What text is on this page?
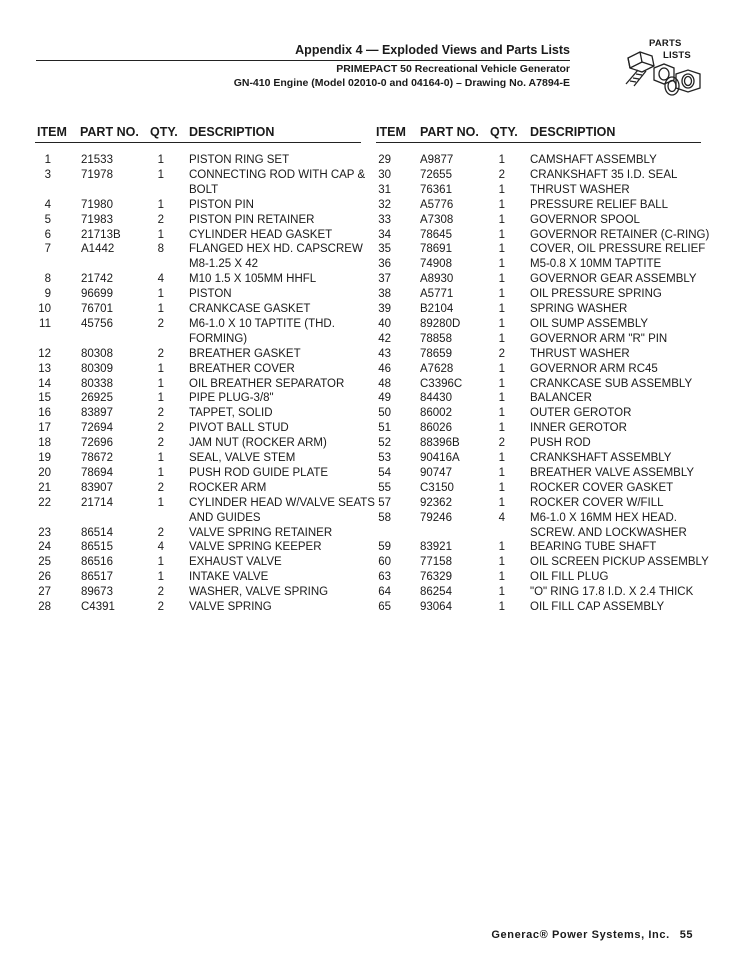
Appendix 4 — Exploded Views and Parts Lists
PRIMEPACT 50 Recreational Vehicle Generator
GN-410 Engine (Model 02010-0 and 04164-0) – Drawing No. A7894-E
PARTS
LISTS
ITEM PART NO. QTY. DESCRIPTION	ITEM PART NO. QTY. DESCRIPTION
1	21533	1 PISTON RING SET
3	71978	1 CONNECTING ROD WITH CAP &
BOLT
4	71980	1 PISTON PIN
5	71983	2 PISTON PIN RETAINER
6	21713B	1 CYLINDER HEAD GASKET
7	A1442	8 FLANGED HEX HD. CAPSCREW
M8-1.25 X 42
8	21742	4 M10 1.5 X 105MM HHFL
9	96699	1 PISTON
10	76701	1 CRANKCASE GASKET
11	45756	2 M6-1.0 X 10 TAPTITE (THD.
FORMING)
12	80308	2 BREATHER GASKET
13	80309	1 BREATHER COVER
14	80338	1 OIL BREATHER SEPARATOR
15	26925	1 PIPE PLUG-3/8"
16	83897	2 TAPPET, SOLID
17	72694	2 PIVOT BALL STUD
18	72696	2 JAM NUT (ROCKER ARM)
19	78672	1 SEAL, VALVE STEM
20	78694	1 PUSH ROD GUIDE PLATE
21	83907	2 ROCKER ARM
22	21714	1 CYLINDER HEAD W/VALVE SEATS
AND GUIDES
23	86514	2 VALVE SPRING RETAINER
24	86515	4 VALVE SPRING KEEPER
25	86516	1 EXHAUST VALVE
26	86517	1 INTAKE VALVE
27	89673	2 WASHER, VALVE SPRING
28	C4391	2 VALVE SPRING
29	A9877	1 CAMSHAFT ASSEMBLY
30	72655	2 CRANKSHAFT 35 I.D. SEAL
31	76361	1 THRUST WASHER
32	A5776	1 PRESSURE RELIEF BALL
33	A7308	1 GOVERNOR SPOOL
34	78645	1 GOVERNOR RETAINER (C-RING)
35	78691	1 COVER, OIL PRESSURE RELIEF
36	74908	1 M5-0.8 X 10MM TAPTITE
37	A8930	1 GOVERNOR GEAR ASSEMBLY
38	A5771	1 OIL PRESSURE SPRING
39	B2104	1 SPRING WASHER
40	89280D	1 OIL SUMP ASSEMBLY
42	78858	1 GOVERNOR ARM "R" PIN
43	78659	2 THRUST WASHER
46	A7628	1 GOVERNOR ARM RC45
48	C3396C	1 CRANKCASE SUB ASSEMBLY
49	84430	1 BALANCER
50	86002	1 OUTER GEROTOR
51	86026	1 INNER GEROTOR
52	88396B	2 PUSH ROD
53	90416A	1 CRANKSHAFT ASSEMBLY
54	90747	1 BREATHER VALVE ASSEMBLY
55	C3150	1 ROCKER COVER GASKET
57	92362	1 ROCKER COVER W/FILL
58	79246	4 M6-1.0 X 16MM HEX HEAD.
SCREW. AND LOCKWASHER
59	83921	1 BEARING TUBE SHAFT
60	77158	1 OIL SCREEN PICKUP ASSEMBLY
63	76329	1 OIL FILL PLUG
64	86254	1 "O" RING 17.8 I.D. X 2.4 THICK
65	93064	1 OIL FILL CAP ASSEMBLY
Generac® Power Systems, Inc. 55
